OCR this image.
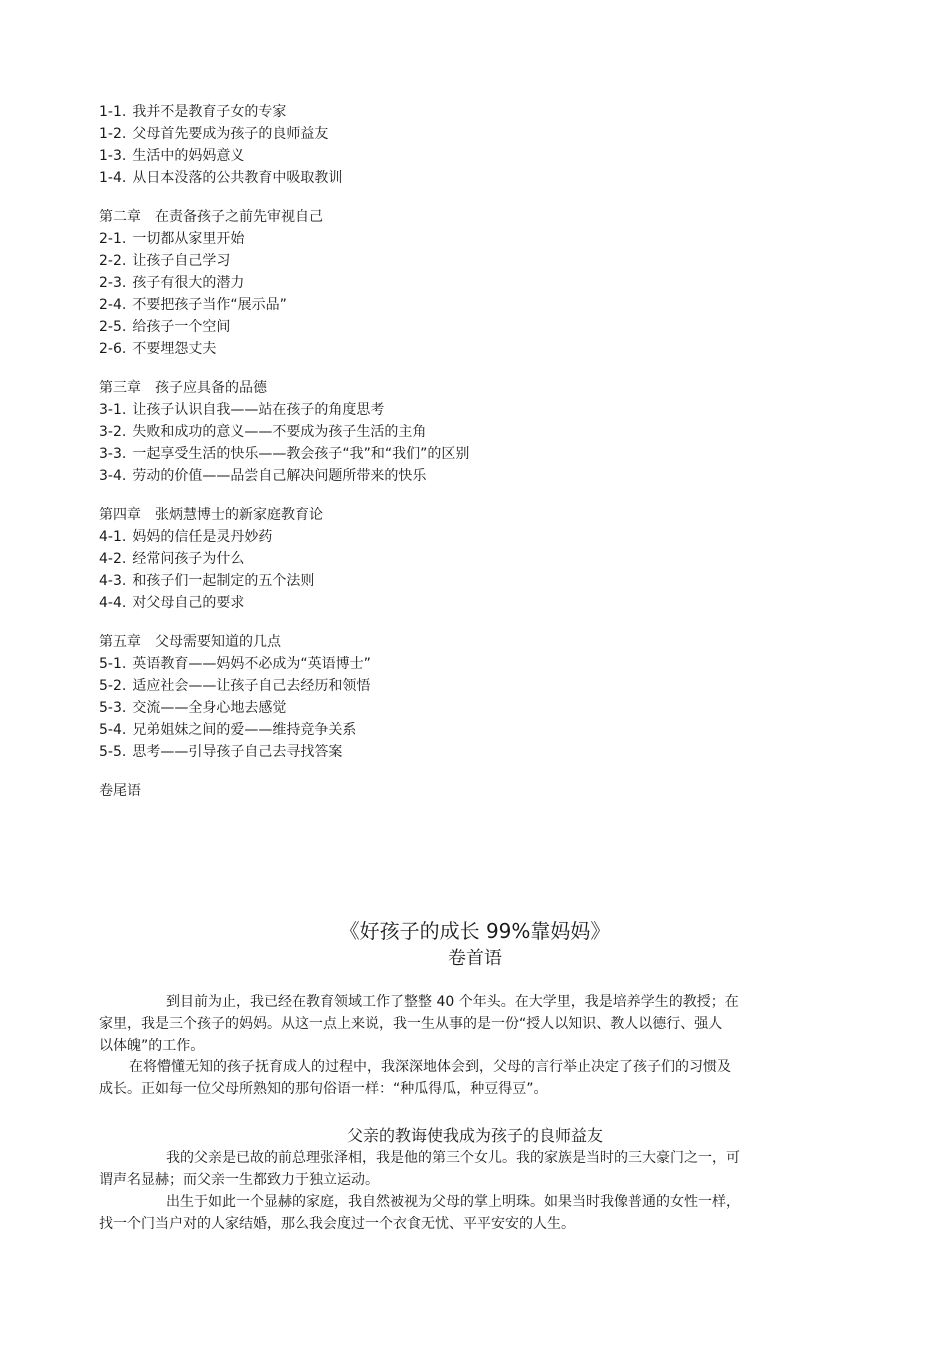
1-1. 我并不是教育子女的专家
1-2. 父母首先要成为孩子的良师益友
1-3. 生活中的妈妈意义
1-4. 从日本没落的公共教育中吸取教训
第二章 在责备孩子之前先审视自己
2-1. 一切都从家里开始
2-2. 让孩子自己学习
2-3. 孩子有很大的潜力
2-4. 不要把孩子当作“展示品”
2-5. 给孩子一个空间
2-6. 不要埋怨丈夫
第三章 孩子应具备的品德
3-1. 让孩子认识自我——站在孩子的角度思考
3-2. 失败和成功的意义——不要成为孩子生活的主角
3-3. 一起享受生活的快乐——教会孩子“我”和“我们”的区别
3-4. 劳动的价值——品尝自己解决问题所带来的快乐
第四章 张炳慧博士的新家庭教育论
4-1. 妈妈的信任是灵丹妙药
4-2. 经常问孩子为什么
4-3. 和孩子们一起制定的五个法则
4-4. 对父母自己的要求
第五章 父母需要知道的几点
5-1. 英语教育——妈妈不必成为“英语博士”
5-2. 适应社会——让孩子自己去经历和领悟
5-3. 交流——全身心地去感觉
5-4. 兄弟姐妹之间的爱——维持竞争关系
5-5. 思考——引导孩子自己去寻找答案
卷尾语
《好孩子的成长 99%靠妈妈》
卷首语
到目前为止，我已经在教育领域工作了整整 40 个年头。在大学里，我是培养学生的教授；在
家里，我是三个孩子的妈妈。从这一点上来说，我一生从事的是一份“授人以知识、教人以德行、强人
以体魄”的工作。
在将懵懂无知的孩子抚育成人的过程中，我深深地体会到，父母的言行举止决定了孩子们的习惯及
成长。正如每一位父母所熟知的那句俗语一样：“种瓜得瓜，种豆得豆”。
父亲的教诲使我成为孩子的良师益友
我的父亲是已故的前总理张泽相，我是他的第三个女儿。我的家族是当时的三大豪门之一，可
谓声名显赫；而父亲一生都致力于独立运动。
出生于如此一个显赫的家庭，我自然被视为父母的掌上明珠。如果当时我像普通的女性一样，
找一个门当户对的人家结婚，那么我会度过一个衣食无忧、平平安安的人生。
